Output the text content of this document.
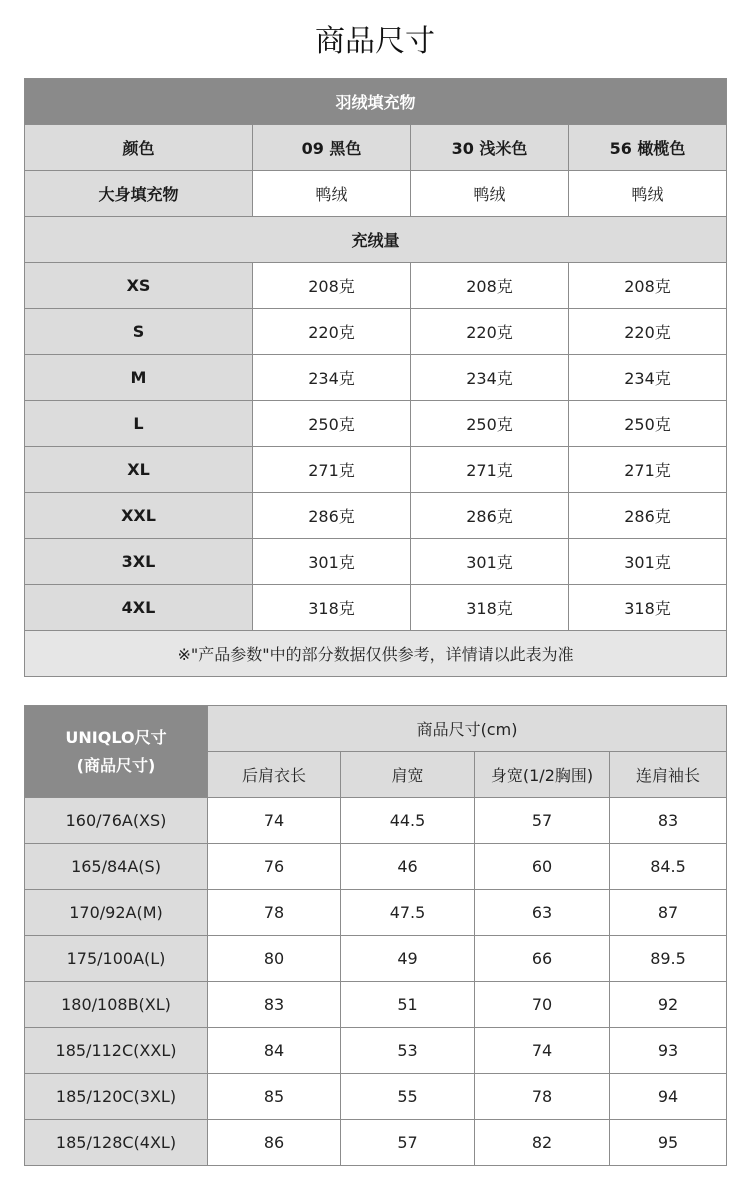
商品尺寸
羽绒填充物			
颜色	09 黑色	30 浅米色	56 橄榄色
大身填充物	鸭绒	鸭绒	鸭绒
充绒量			
XS	208克	208克	208克
S	220克	220克	220克
M	234克	234克	234克
L	250克	250克	250克
XL	271克	271克	271克
XXL	286克	286克	286克
3XL	301克	301克	301克
4XL	318克	318克	318克
※"产品参数"中的部分数据仅供参考，详情请以此表为准			
UNIQLO尺寸
(商品尺寸)	商品尺寸(cm)			
	后肩衣长	肩宽	身宽(1/2胸围)	连肩袖长
160/76A(XS)	74	44.5	57	83
165/84A(S)	76	46	60	84.5
170/92A(M)	78	47.5	63	87
175/100A(L)	80	49	66	89.5
180/108B(XL)	83	51	70	92
185/112C(XXL)	84	53	74	93
185/120C(3XL)	85	55	78	94
185/128C(4XL)	86	57	82	95
